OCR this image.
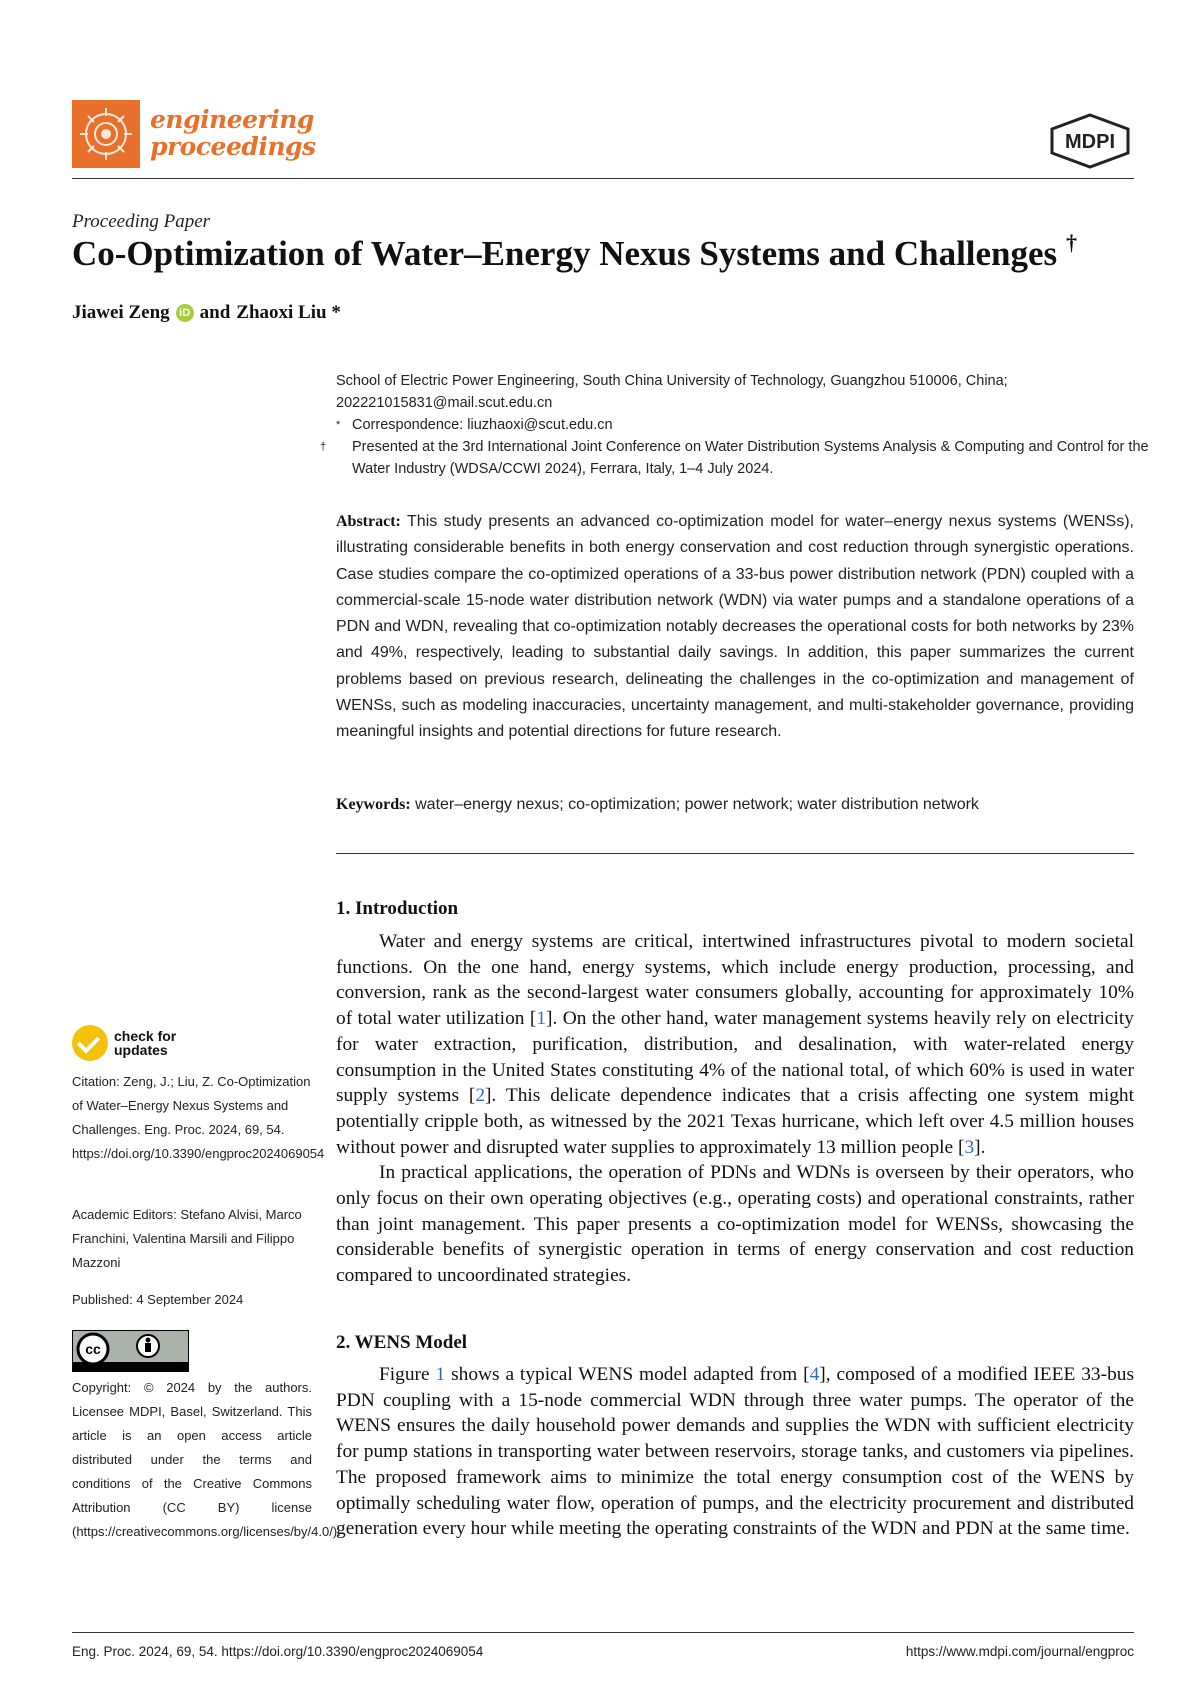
engineering
proceedings	MDPI
Proceeding Paper
Co-Optimization of Water–Energy Nexus Systems and Challenges †
Jiawei Zeng iD and Zhaoxi Liu *
School of Electric Power Engineering, South China University of Technology, Guangzhou 510006, China; 202221015831@mail.scut.edu.cn
* Correspondence: liuzhaoxi@scut.edu.cn
† Presented at the 3rd International Joint Conference on Water Distribution Systems Analysis & Computing and Control for the Water Industry (WDSA/CCWI 2024), Ferrara, Italy, 1–4 July 2024.
Abstract: This study presents an advanced co-optimization model for water–energy nexus systems (WENSs), illustrating considerable benefits in both energy conservation and cost reduction through synergistic operations. Case studies compare the co-optimized operations of a 33-bus power distribution network (PDN) coupled with a commercial-scale 15-node water distribution network (WDN) via water pumps and a standalone operations of a PDN and WDN, revealing that co-optimization notably decreases the operational costs for both networks by 23% and 49%, respectively, leading to substantial daily savings. In addition, this paper summarizes the current problems based on previous research, delineating the challenges in the co-optimization and management of WENSs, such as modeling inaccuracies, uncertainty management, and multi-stakeholder governance, providing meaningful insights and potential directions for future research.
Keywords: water–energy nexus; co-optimization; power network; water distribution network
1. Introduction

Water and energy systems are critical, intertwined infrastructures pivotal to modern societal functions. On the one hand, energy systems, which include energy production, processing, and conversion, rank as the second-largest water consumers globally, accounting for approximately 10% of total water utilization [1]. On the other hand, water management systems heavily rely on electricity for water extraction, purification, distribution, and desalination, with water-related energy consumption in the United States constituting 4% of the national total, of which 60% is used in water supply systems [2]. This delicate dependence indicates that a crisis affecting one system might potentially cripple both, as witnessed by the 2021 Texas hurricane, which left over 4.5 million houses without power and disrupted water supplies to approximately 13 million people [3].

In practical applications, the operation of PDNs and WDNs is overseen by their operators, who only focus on their own operating objectives (e.g., operating costs) and operational constraints, rather than joint management. This paper presents a co-optimization model for WENSs, showcasing the considerable benefits of synergistic operation in terms of energy conservation and cost reduction compared to uncoordinated strategies.

2. WENS Model

Figure 1 shows a typical WENS model adapted from [4], composed of a modified IEEE 33-bus PDN coupling with a 15-node commercial WDN through three water pumps. The operator of the WENS ensures the daily household power demands and supplies the WDN with sufficient electricity for pump stations in transporting water between reservoirs, storage tanks, and customers via pipelines. The proposed framework aims to minimize the total energy consumption cost of the WENS by optimally scheduling water flow, operation of pumps, and the electricity procurement and distributed generation every hour while meeting the operating constraints of the WDN and PDN at the same time.

check for updates
Citation: Zeng, J.; Liu, Z. Co-Optimization of Water–Energy Nexus Systems and Challenges. Eng. Proc. 2024, 69, 54. https://doi.org/10.3390/engproc2024069054
Academic Editors: Stefano Alvisi, Marco Franchini, Valentina Marsili and Filippo Mazzoni
Published: 4 September 2024
cc
Copyright: © 2024 by the authors. Licensee MDPI, Basel, Switzerland. This article is an open access article distributed under the terms and conditions of the Creative Commons Attribution (CC BY) license (https://creativecommons.org/licenses/by/4.0/).
Eng. Proc. 2024, 69, 54. https://doi.org/10.3390/engproc2024069054	https://www.mdpi.com/journal/engproc
